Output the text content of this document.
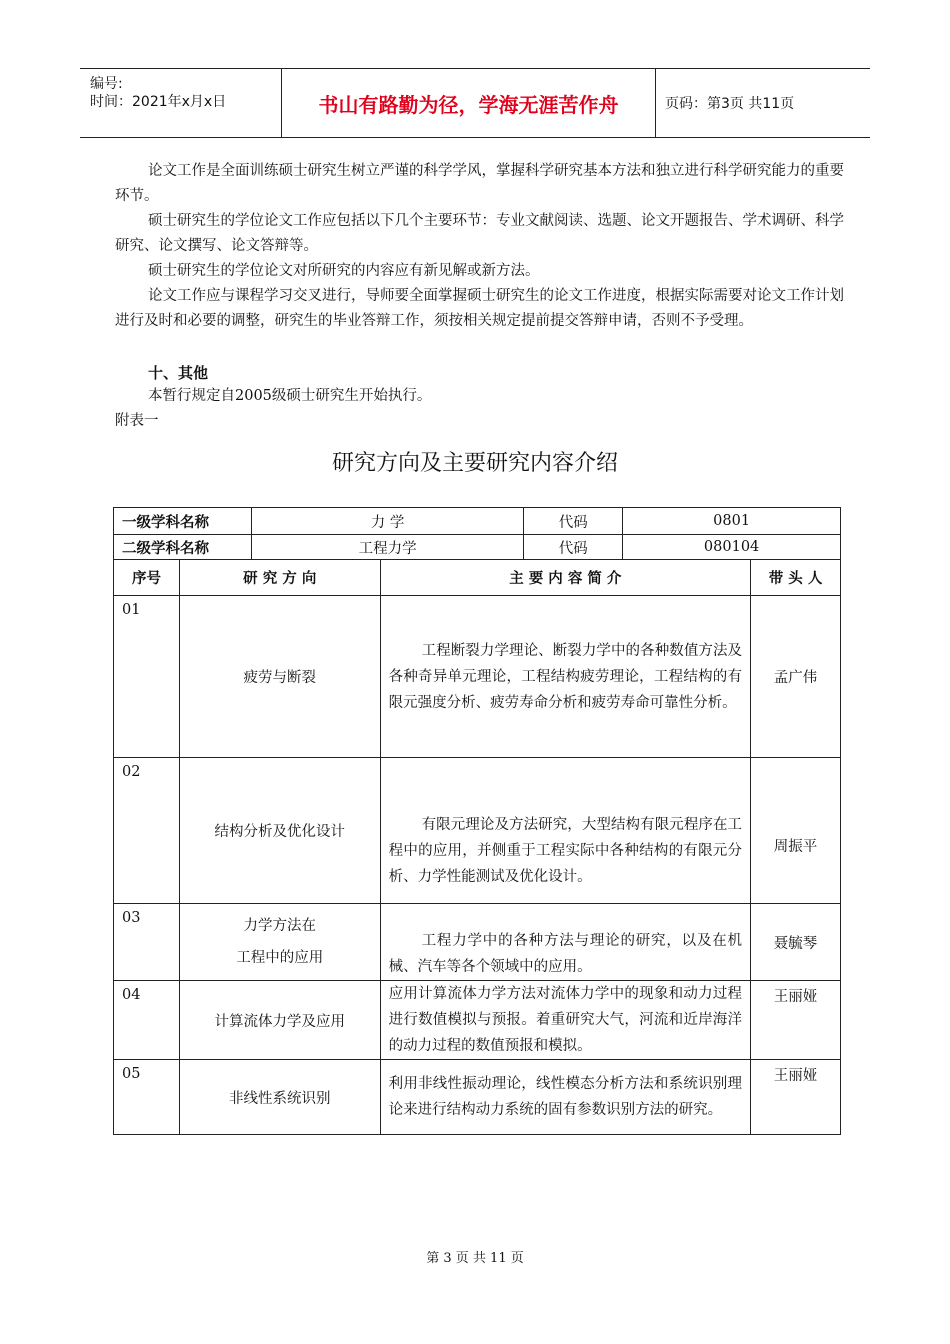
编号:
时间：2021年x月x日	书山有路勤为径，学海无涯苦作舟	页码：第3页 共11页
论文工作是全面训练硕士研究生树立严谨的科学学风，掌握科学研究基本方法和独立进行科学研究能力的重要环节。
硕士研究生的学位论文工作应包括以下几个主要环节：专业文献阅读、选题、论文开题报告、学术调研、科学研究、论文撰写、论文答辩等。
硕士研究生的学位论文对所研究的内容应有新见解或新方法。
论文工作应与课程学习交叉进行，导师要全面掌握硕士研究生的论文工作进度，根据实际需要对论文工作计划进行及时和必要的调整，研究生的毕业答辩工作，须按相关规定提前提交答辩申请，否则不予受理。
十、其他
本暂行规定自2005级硕士研究生开始执行。
附表一
研究方向及主要研究内容介绍
一级学科名称		力 学		代码	0801	
二级学科名称		工程力学		代码	080104	
序号	研 究 方 向		主 要 内 容 简 介			带 头 人
01	疲劳与断裂		工程断裂力学理论、断裂力学中的各种数值方法及各种奇异单元理论，工程结构疲劳理论，工程结构的有限元强度分析、疲劳寿命分析和疲劳寿命可靠性分析。			孟广伟
02	结构分析及优化设计		有限元理论及方法研究，大型结构有限元程序在工程中的应用，并侧重于工程实际中各种结构的有限元分析、力学性能测试及优化设计。			周振平
03	力学方法在
工程中的应用		工程力学中的各种方法与理论的研究，以及在机械、汽车等各个领域中的应用。			聂毓琴
04	计算流体力学及应用		应用计算流体力学方法对流体力学中的现象和动力过程进行数值模拟与预报。着重研究大气，河流和近岸海洋的动力过程的数值预报和模拟。			王丽娅
05	非线性系统识别		利用非线性振动理论，线性模态分析方法和系统识别理论来进行结构动力系统的固有参数识别方法的研究。			王丽娅
第 3 页 共 11 页
